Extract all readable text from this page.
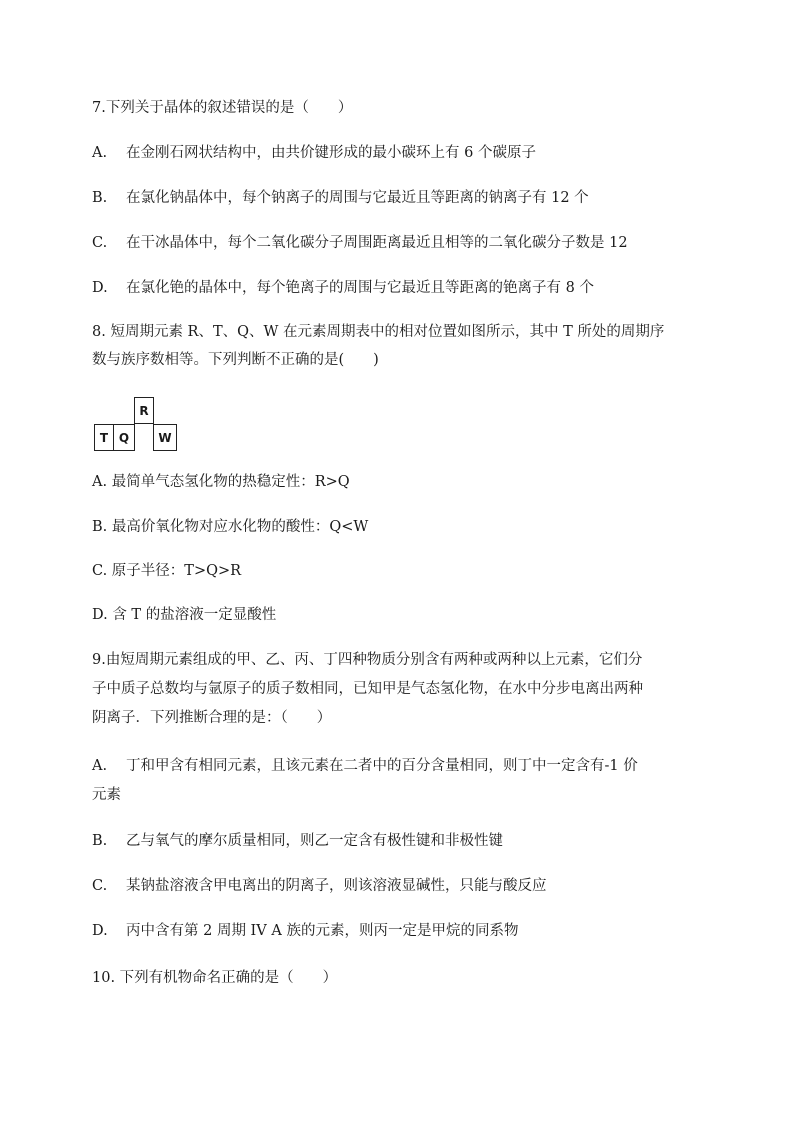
7.下列关于晶体的叙述错误的是（　　）
A. 在金刚石网状结构中，由共价键形成的最小碳环上有 6 个碳原子
B. 在氯化钠晶体中，每个钠离子的周围与它最近且等距离的钠离子有 12 个
C. 在干冰晶体中，每个二氧化碳分子周围距离最近且相等的二氧化碳分子数是 12
D. 在氯化铯的晶体中，每个铯离子的周围与它最近且等距离的铯离子有 8 个
8. 短周期元素 R、T、Q、W 在元素周期表中的相对位置如图所示，其中 T 所处的周期序
数与族序数相等。下列判断不正确的是(　　)
R
T Q	W
A. 最简单气态氢化物的热稳定性：R>Q
B. 最高价氧化物对应水化物的酸性：Q<W
C. 原子半径：T>Q>R
D. 含 T 的盐溶液一定显酸性
9.由短周期元素组成的甲、乙、丙、丁四种物质分别含有两种或两种以上元素，它们分
子中质子总数均与氩原子的质子数相同，已知甲是气态氢化物，在水中分步电离出两种
阴离子．下列推断合理的是：（　　）
A. 丁和甲含有相同元素，且该元素在二者中的百分含量相同，则丁中一定含有-1 价
元素
B. 乙与氧气的摩尔质量相同，则乙一定含有极性键和非极性键
C. 某钠盐溶液含甲电离出的阴离子，则该溶液显碱性，只能与酸反应
D. 丙中含有第 2 周期 IV A 族的元素，则丙一定是甲烷的同系物
10. 下列有机物命名正确的是（　　）
